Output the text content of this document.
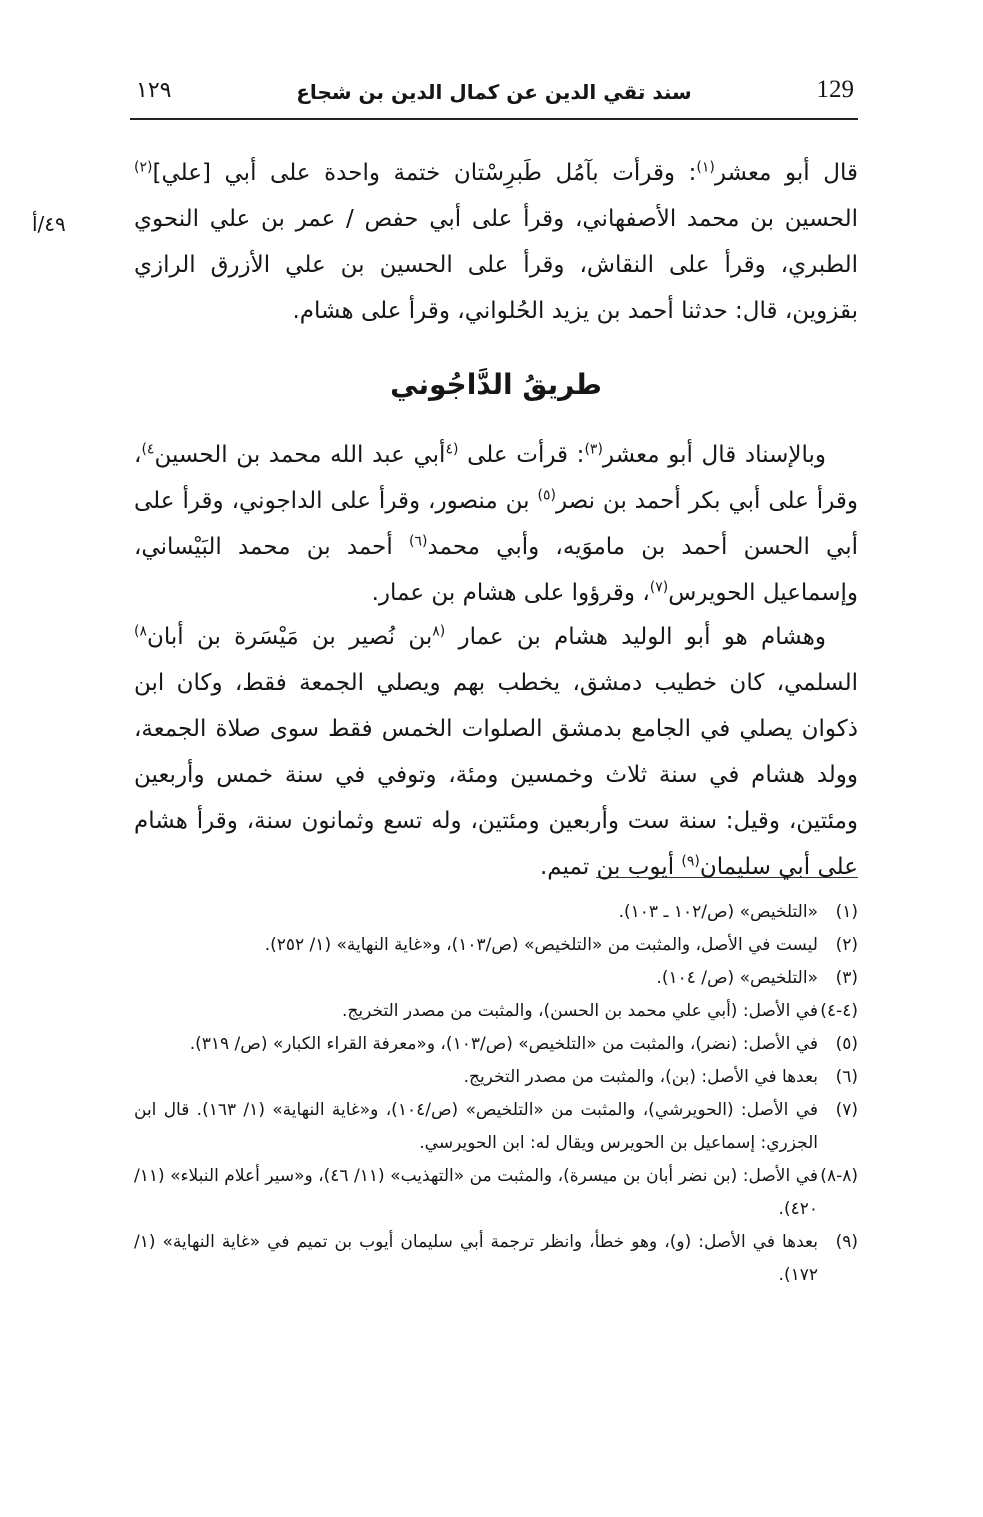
129
سند تقي الدين عن كمال الدين بن شجاع
١٢٩
٤٩/أ
قال أبو معشر$^{(١)}$: وقرأت بآمُل طَبرِسْتان ختمة واحدة على أبي [علي]$^{(٢)}$ الحسين بن محمد الأصفهاني، وقرأ على أبي حفص / عمر بن علي النحوي الطبري، وقرأ على النقاش، وقرأ على الحسين بن علي الأزرق الرازي بقزوين، قال: حدثنا أحمد بن يزيد الحُلواني، وقرأ على هشام.
طريقُ الدَّاجُوني
وبالإسناد قال أبو معشر$^{(٣)}$: قرأت على $^{(٤}$أبي عبد الله محمد بن الحسين$^{٤)}$، وقرأ على أبي بكر أحمد بن نصر$^{(٥)}$ بن منصور، وقرأ على الداجوني، وقرأ على أبي الحسن أحمد بن ماموَيه، وأبي محمد$^{(٦)}$ أحمد بن محمد البَيْساني، وإسماعيل الحويرس$^{(٧)}$، وقرؤوا على هشام بن عمار.
وهشام هو أبو الوليد هشام بن عمار $^{(٨}$بن نُصير بن مَيْسَرة بن أبان$^{٨)}$ السلمي، كان خطيب دمشق، يخطب بهم ويصلي الجمعة فقط، وكان ابن ذكوان يصلي في الجامع بدمشق الصلوات الخمس فقط سوى صلاة الجمعة، وولد هشام في سنة ثلاث وخمسين ومئة، وتوفي في سنة خمس وأربعين ومئتين، وقيل: سنة ست وأربعين ومئتين، وله تسع وثمانون سنة، وقرأ هشام على أبي سليمان$^{(٩)}$ أيوب بن تميم.
(١)
«التلخيص» (ص/١٠٢ ـ ١٠٣).
(٢)
ليست في الأصل، والمثبت من «التلخيص» (ص/١٠٣)، و«غاية النهاية» (١/ ٢٥٢).
(٣)
«التلخيص» (ص/ ١٠٤).
(٤-٤)
في الأصل: (أبي علي محمد بن الحسن)، والمثبت من مصدر التخريج.
(٥)
في الأصل: (نضر)، والمثبت من «التلخيص» (ص/١٠٣)، و«معرفة القراء الكبار» (ص/ ٣١٩).
(٦)
بعدها في الأصل: (بن)، والمثبت من مصدر التخريج.
(٧)
في الأصل: (الحويرشي)، والمثبت من «التلخيص» (ص/١٠٤)، و«غاية النهاية» (١/ ١٦٣). قال ابن الجزري: إسماعيل بن الحويرس ويقال له: ابن الحويرسي.
(٨-٨)
في الأصل: (بن نضر أبان بن ميسرة)، والمثبت من «التهذيب» (١١/ ٤٦)، و«سير أعلام النبلاء» (١١/ ٤٢٠).
(٩)
بعدها في الأصل: (و)، وهو خطأ، وانظر ترجمة أبي سليمان أيوب بن تميم في «غاية النهاية» (١/ ١٧٢).
